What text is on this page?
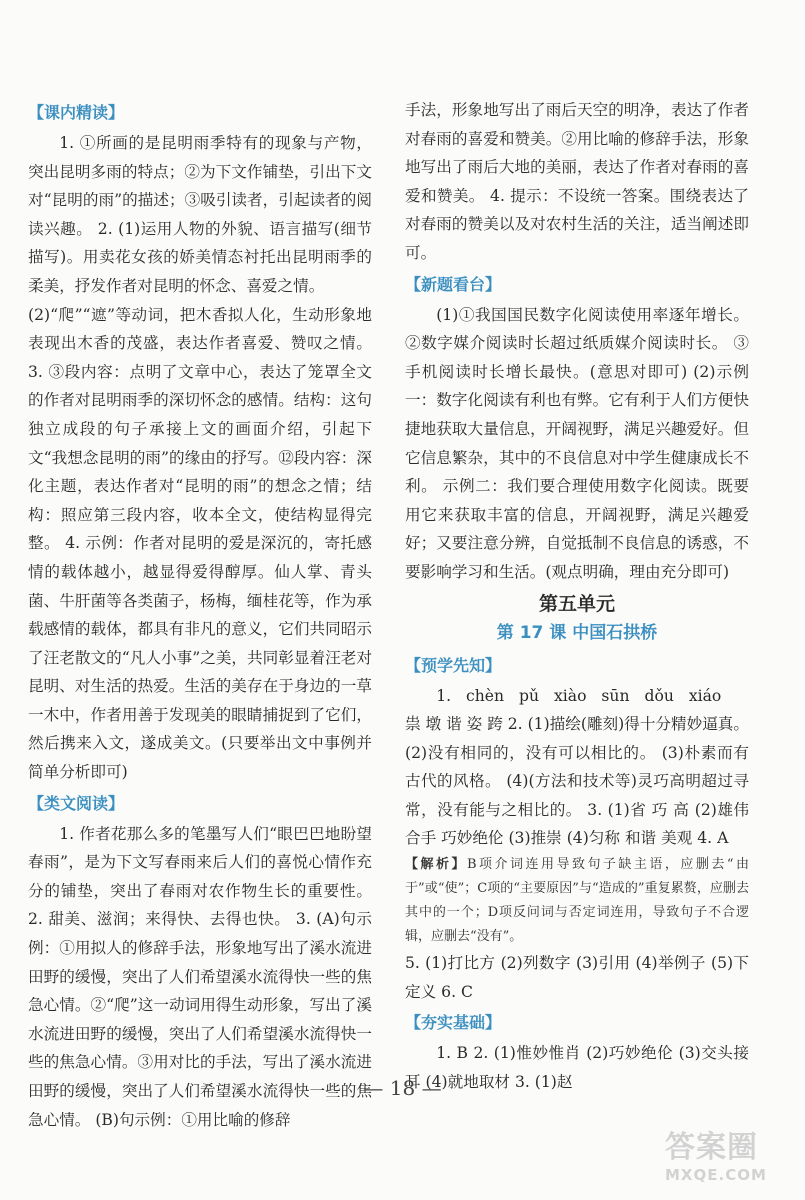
【课内精读】

1. ①所画的是昆明雨季特有的现象与产物，突出昆明多雨的特点；②为下文作铺垫，引出下文对“昆明的雨”的描述；③吸引读者，引起读者的阅读兴趣。 2. (1)运用人物的外貌、语言描写(细节描写)。用卖花女孩的娇美情态衬托出昆明雨季的柔美，抒发作者对昆明的怀念、喜爱之情。

(2)“爬”“遮”等动词，把木香拟人化，生动形象地表现出木香的茂盛，表达作者喜爱、赞叹之情。 3. ③段内容：点明了文章中心，表达了笼罩全文的作者对昆明雨季的深切怀念的感情。结构：这句独立成段的句子承接上文的画面介绍，引起下文“我想念昆明的雨”的缘由的抒写。⑫段内容：深化主题，表达作者对“昆明的雨”的想念之情；结构：照应第三段内容，收本全文，使结构显得完整。 4. 示例：作者对昆明的爱是深沉的，寄托感情的载体越小，越显得爱得醇厚。仙人掌、青头菌、牛肝菌等各类菌子，杨梅，缅桂花等，作为承载感情的载体，都具有非凡的意义，它们共同昭示了汪老散文的“凡人小事”之美，共同彰显着汪老对昆明、对生活的热爱。生活的美存在于身边的一草一木中，作者用善于发现美的眼睛捕捉到了它们，然后携来入文，遂成美文。(只要举出文中事例并简单分析即可)

【类文阅读】

1. 作者花那么多的笔墨写人们“眼巴巴地盼望春雨”，是为下文写春雨来后人们的喜悦心情作充分的铺垫，突出了春雨对农作物生长的重要性。 2. 甜美、滋润；来得快、去得也快。 3. (A)句示例：①用拟人的修辞手法，形象地写出了溪水流进田野的缓慢，突出了人们希望溪水流得快一些的焦急心情。②“爬”这一动词用得生动形象，写出了溪水流进田野的缓慢，突出了人们希望溪水流得快一些的焦急心情。③用对比的手法，写出了溪水流进田野的缓慢，突出了人们希望溪水流得快一些的焦急心情。 (B)句示例：①用比喻的修辞

手法，形象地写出了雨后天空的明净，表达了作者对春雨的喜爱和赞美。②用比喻的修辞手法，形象地写出了雨后大地的美丽，表达了作者对春雨的喜爱和赞美。 4. 提示：不设统一答案。围绕表达了对春雨的赞美以及对农村生活的关注，适当阐述即可。

【新题看台】

(1)①我国国民数字化阅读使用率逐年增长。 ②数字媒介阅读时长超过纸质媒介阅读时长。 ③手机阅读时长增长最快。(意思对即可) (2)示例一：数字化阅读有利也有弊。它有利于人们方便快捷地获取大量信息，开阔视野，满足兴趣爱好。但它信息繁杂，其中的不良信息对中学生健康成长不利。 示例二：我们要合理使用数字化阅读。既要用它来获取丰富的信息，开阔视野，满足兴趣爱好；又要注意分辨，自觉抵制不良信息的诱惑，不要影响学习和生活。(观点明确，理由充分即可)

第五单元
第 17 课 中国石拱桥
【预学先知】

1. chèn pǔ xiào sūn dǒu xiáo

祟 墩 谐 姿 跨 2. (1)描绘(雕刻)得十分精妙逼真。 (2)没有相同的，没有可以相比的。 (3)朴素而有古代的风格。 (4)(方法和技术等)灵巧高明超过寻常，没有能与之相比的。 3. (1)省 巧 高 (2)雄伟 合手 巧妙绝伦 (3)推崇 (4)匀称 和谐 美观 4. A

【解析】B项介词连用导致句子缺主语，应删去“由于”或“使”；C项的“主要原因”与“造成的”重复累赘，应删去其中的一个；D项反问词与否定词连用，导致句子不合逻辑，应删去“没有”。

5. (1)打比方 (2)列数字 (3)引用 (4)举例子 (5)下定义 6. C

【夯实基础】

1. B 2. (1)惟妙惟肖 (2)巧妙绝伦 (3)交头接耳 (4)就地取材 3. (1)赵

— 18 —
答案圈
MXQE.COM
